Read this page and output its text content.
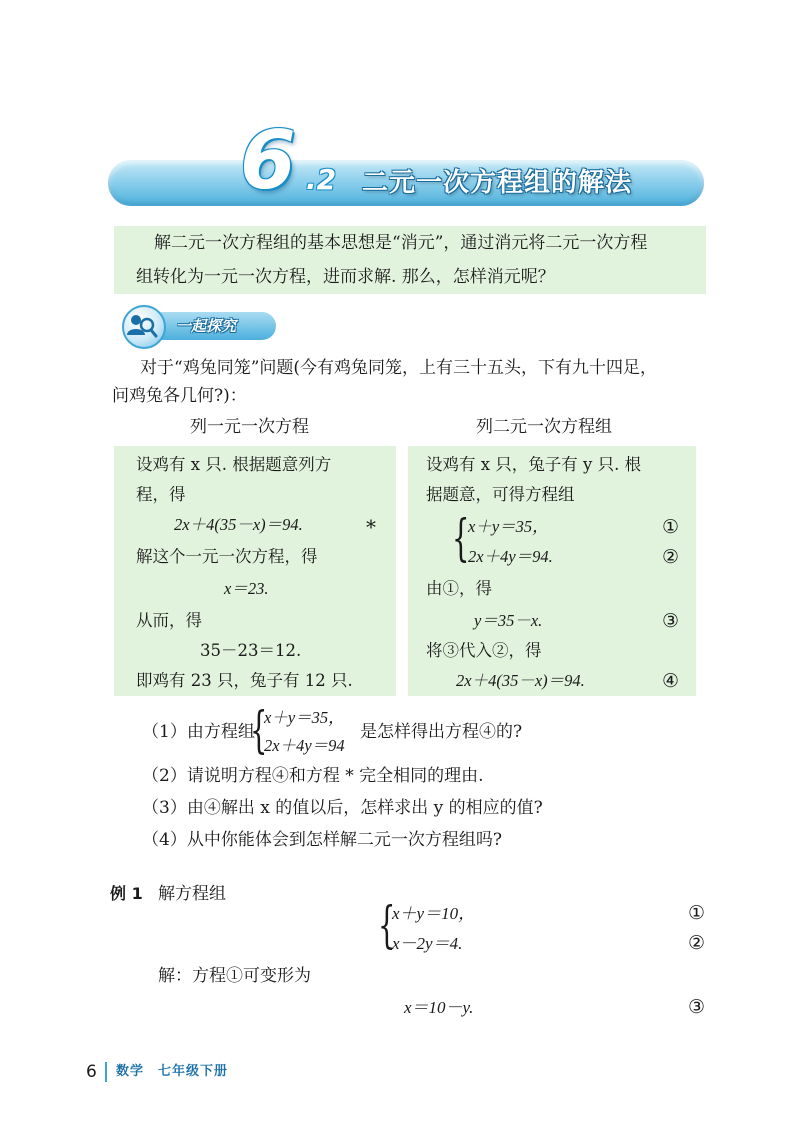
6 .2 二元一次方程组的解法
解二元一次方程组的基本思想是“消元”，通过消元将二元一次方程
组转化为一元一次方程，进而求解. 那么，怎样消元呢？
一起探究
对于“鸡兔同笼”问题(今有鸡兔同笼，上有三十五头，下有九十四足，
问鸡兔各几何?)：
列一元一次方程	列二元一次方程组
设鸡有 x 只. 根据题意列方
程，得
2x＋4(35－x)＝94.	*
解这个一元一次方程，得
x＝23.
从而，得
35－23＝12.
即鸡有 23 只，兔子有 12 只.
设鸡有 x 只，兔子有 y 只. 根
据题意，可得方程组
{
x＋y＝35，
2x＋4y＝94.
①
②
由①，得
y＝35－x.	③
将③代入②，得
2x＋4(35－x)＝94.	④
（1）由方程组
{
x＋y＝35，
2x＋4y＝94
是怎样得出方程④的?
（2）请说明方程④和方程 * 完全相同的理由.
（3）由④解出 x 的值以后，怎样求出 y 的相应的值?
（4）从中你能体会到怎样解二元一次方程组吗?
例 1 解方程组
{
x＋y＝10，
x－2y＝4.
①
②
解：方程①可变形为
x＝10－y.	③
6 数学　七年级下册
